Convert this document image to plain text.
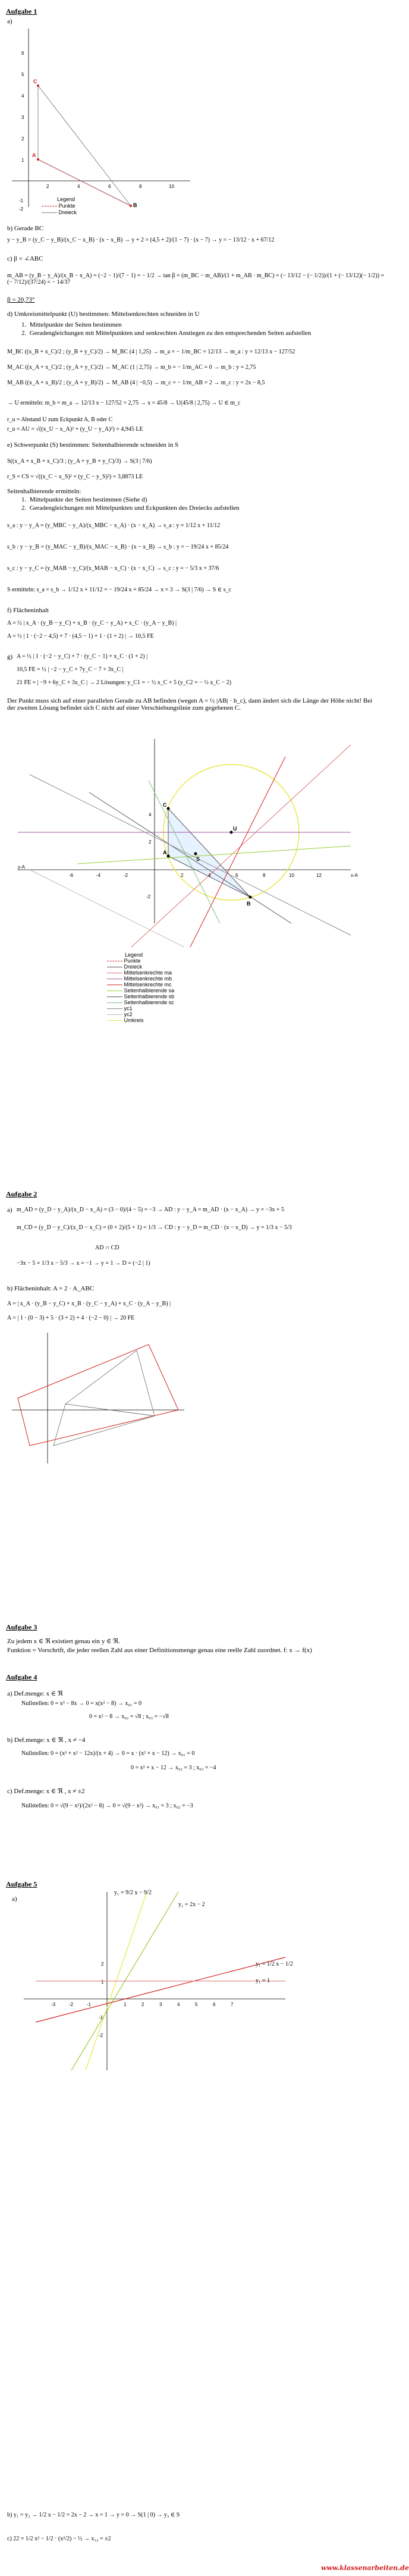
Aufgabe 1
a)
6
5
4
3
2
1
-1
-2
2	4	6	8	10
C
A
B
Legend
Punkte
Dreieck
b) Gerade BC
y − y_B = (y_C − y_B)/(x_C − x_B) · (x − x_B) → y + 2 = (4,5 + 2)/(1 − 7) · (x − 7) → y = − 13/12 · x + 67/12
c) β = ∠ABC
m_AB = (y_B − y_A)/(x_B − x_A) = (−2 − 1)/(7 − 1) = − 1/2 → tan β = (m_BC − m_AB)/(1 + m_AB · m_BC) = (− 13/12 − (− 1/2))/(1 + (− 13/12)(− 1/2)) = (− 7/12)/(37/24) = − 14/37
β = 20,73°
d) Umkreismittelpunkt (U) bestimmen: Mittelsenkrechten schneiden in U
1.  Mittelpunkte der Seiten bestimmen
2.  Geradengleichungen mit Mittelpunkten und senkrechten Anstiegen zu den entsprechenden Seiten aufstellen
M_BC ((x_B + x_C)/2 ; (y_B + y_C)/2) → M_BC (4 | 1,25) → m_a = − 1/m_BC = 12/13 → m_a : y = 12/13 x − 127/52
M_AC ((x_A + x_C)/2 ; (y_A + y_C)/2) → M_AC (1 | 2,75) → m_b = − 1/m_AC = 0 → m_b : y = 2,75
M_AB ((x_A + x_B)/2 ; (y_A + y_B)/2) → M_AB (4 | −0,5) → m_c = − 1/m_AB = 2 → m_c : y = 2x − 8,5
→ U ermitteln: m_b = m_a → 12/13 x − 127/52 = 2,75 → x = 45/8 → U(45/8 | 2,75) → U ∈ m_c
r_u = Abstand U zum Eckpunkt A, B oder C
r_u = AU = √((x_U − x_A)² + (y_U − y_A)²) = 4,945 LE
e) Schwerpunkt (S) bestimmen: Seitenhalbierende schneiden in S
S((x_A + x_B + x_C)/3 ; (y_A + y_B + y_C)/3) → S(3 | 7/6)
r_S = CS = √((x_C − x_S)² + (y_C − y_S)²) = 3,8873 LE
Seitenhalbierende ermitteln:
1.  Mittelpunkte der Seiten bestimmen (Siehe d)
2.  Geradengleichungen mit Mittelpunkten und Eckpunkten des Dreiecks aufstellen
s_a : y − y_A = (y_MBC − y_A)/(x_MBC − x_A) · (x − x_A) → s_a : y = 1/12 x + 11/12
s_b : y − y_B = (y_MAC − y_B)/(x_MAC − x_B) · (x − x_B) → s_b : y = − 19/24 x + 85/24
s_c : y − y_C = (y_MAB − y_C)/(x_MAB − x_C) · (x − x_C) → s_c : y = − 5/3 x + 37/6
S ermitteln: s_a = s_b → 1/12 x + 11/12 = − 19/24 x + 85/24 → x = 3 → S(3 | 7/6) → S ∈ s_c
f) Flächeninhalt
A = ½ | x_A · (y_B − y_C) + x_B · (y_C − y_A) + x_C · (y_A − y_B) |
A = ½ | 1 · (−2 − 4,5) + 7 · (4,5 − 1) + 1 · (1 + 2) | → 10,5 FE
g) A = ½ | 1 · (−2 − y_C) + 7 · (y_C − 1) + x_C · (1 + 2) |
10,5 FE = ½ | −2 − y_C + 7y_C − 7 + 3x_C |
21 FE = | −9 + 6y_C + 3x_C | → 2 Lösungen: y_C1 = − ½ x_C + 5 (y_C2 = − ½ x_C − 2)
Der Punkt muss sich auf einer parallelen Gerade zu AB befinden (wegen A = ½ |AB| · h_c), dann ändert sich die Länge der Höhe nicht! Bei der zweiten Lösung befindet sich C nicht auf einer Verschiebungslinie zum gegebenen C.
y-A
x-A
-6	-4	-2	2	4	6	8	10	12
4
2
-2
C
S
U
A
B
Legend
Punkte
Dreieck
Mittelsenkrechte ma
Mittelsenkrechte mb
Mittelsenkrechte mc
Seitenhalbierende sa
Seitenhalbierende sb
Seitenhalbierende sc
yc1
yc2
Umkreis
Aufgabe 2
a) m_AD = (y_D − y_A)/(x_D − x_A) = (3 − 0)/(4 − 5) = −3 → AD : y − y_A = m_AD · (x − x_A) → y = −3x + 5
m_CD = (y_D − y_C)/(x_D − x_C) = (0 + 2)/(5 + 1) = 1/3 → CD : y − y_D = m_CD · (x − x_D) → y = 1/3 x − 5/3
AD ∩ CD
−3x − 5 = 1/3 x − 5/3 → x = −1 → y = 1 → D = (−2 | 1)
b) Flächeninhalt: A = 2 · A_ABC
A = | x_A · (y_B − y_C) + x_B · (y_C − y_A) + x_C · (y_A − y_B) |
A = | 1 · (0 − 3) + 5 · (3 + 2) + 4 · (−2 − 0) | → 20 FE
Aufgabe 3
Zu jedem x ∈ ℜ existiert genau ein y ∈ ℜ.
Funktion = Vorschrift, die jeder reellen Zahl aus einer Definitionsmenge genau eine reelle Zahl zuordnet. f: x → f(x)
Aufgabe 4
a) Def.menge: x ∈ ℜ
Nullstellen: 0 = x³ − 8x → 0 = x(x² − 8) → x₀₁ = 0
0 = x² − 8 → x₀₂ = √8 ; x₀₃ = −√8
b) Def.menge: x ∈ ℜ , x ≠ −4
Nullstellen: 0 = (x³ + x² − 12x)/(x + 4) → 0 = x · (x² + x − 12) → x₀₁ = 0
0 = x² + x − 12 → x₀₂ = 3 ; x₀₃ = −4
c) Def.menge: x ∈ ℜ , x ≠ ±2
Nullstellen: 0 = √(9 − x²)/(2x² − 8) → 0 = √(9 − x²) → x₀₁ = 3 ; x₀₂ = −3
Aufgabe 5
a)
-3	-2	-1	1	2	3	4	5	6	7
2
1
-1
-2
y₁ = 9/2 x − 9/2
y₁ = 2x − 2
y₁ = 1/2 x − 1/2
y₁ = 1
b) y₁ = y₂ → 1/2 x − 1/2 = 2x − 2 → x = 1 → y = 0 → S(1 | 0) → y₃ ∈ S
c) 22 = 1/2 x² − 1/2 · (x²/2) − ½ → x₁₂ = ±2
www.klassenarbeiten.de
